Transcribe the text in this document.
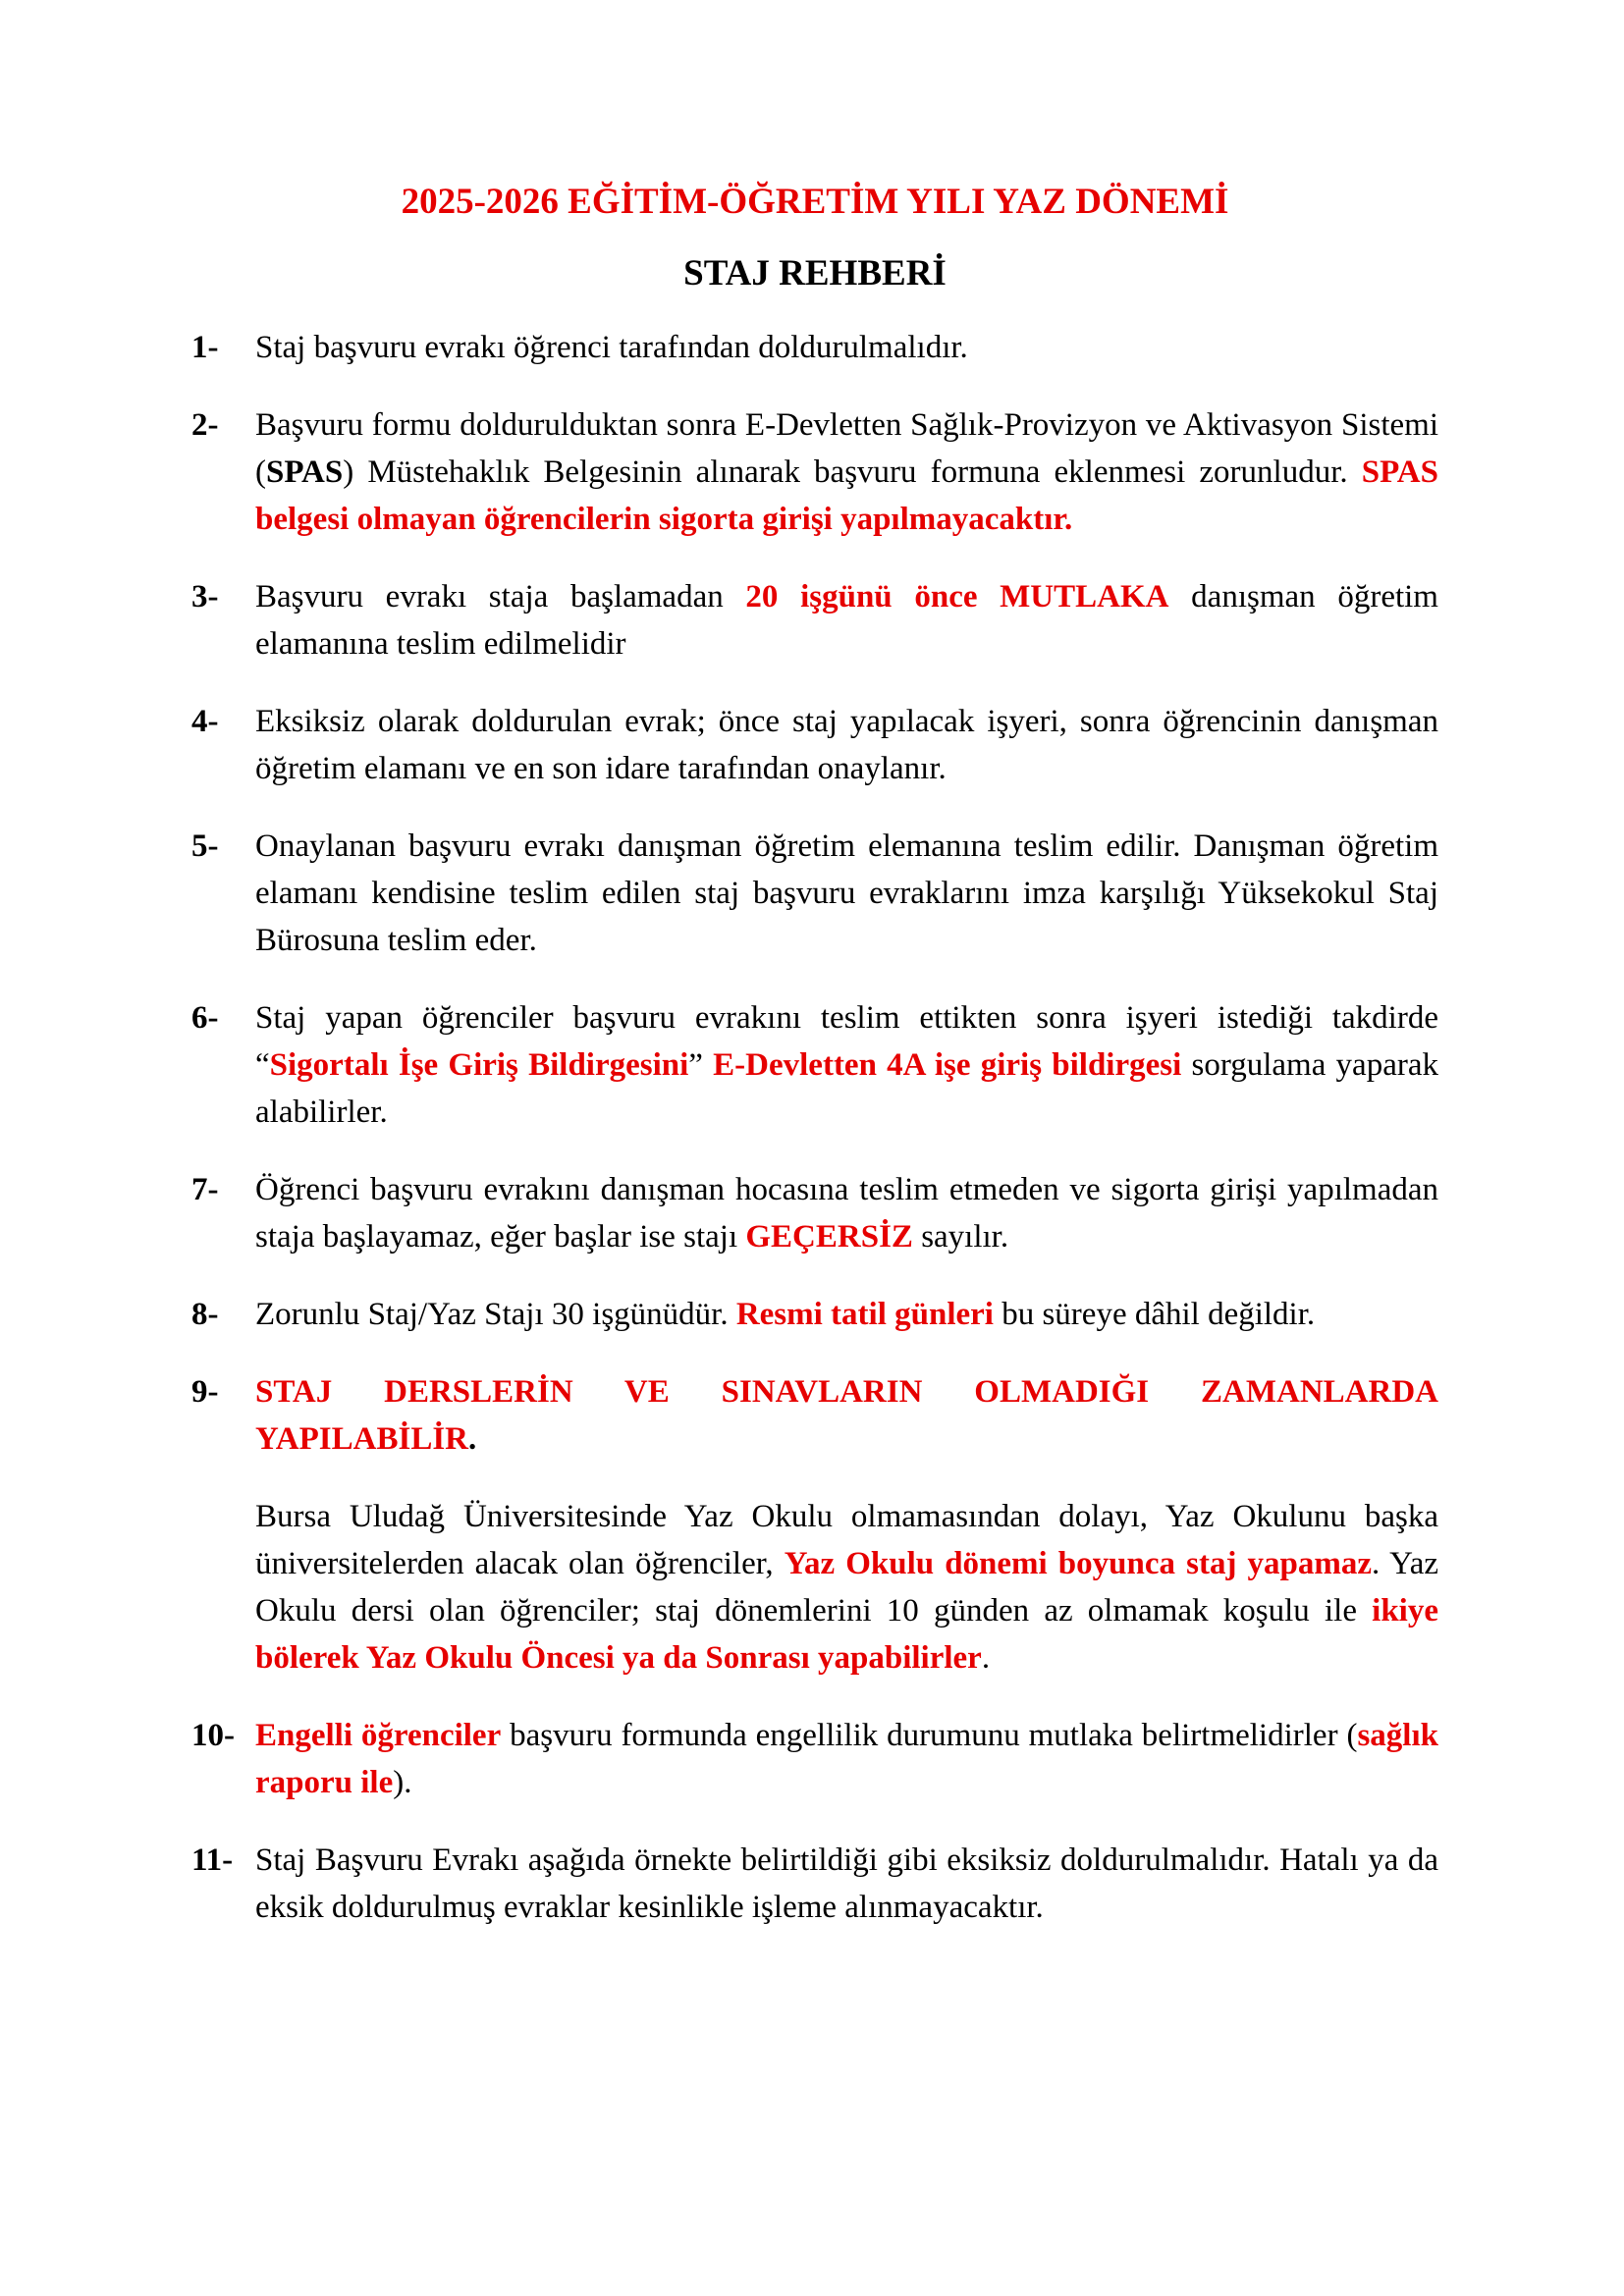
2025-2026 EĞİTİM-ÖĞRETİM YILI YAZ DÖNEMİ
STAJ REHBERİ
1- Staj başvuru evrakı öğrenci tarafından doldurulmalıdır.
2- Başvuru formu doldurulduktan sonra E-Devletten Sağlık-Provizyon ve Aktivasyon Sistemi (SPAS) Müstehaklık Belgesinin alınarak başvuru formuna eklenmesi zorunludur. SPAS belgesi olmayan öğrencilerin sigorta girişi yapılmayacaktır.
3- Başvuru evrakı staja başlamadan 20 işgünü önce MUTLAKA danışman öğretim elamanına teslim edilmelidir
4- Eksiksiz olarak doldurulan evrak; önce staj yapılacak işyeri, sonra öğrencinin danışman öğretim elamanı ve en son idare tarafından onaylanır.
5- Onaylanan başvuru evrakı danışman öğretim elemanına teslim edilir. Danışman öğretim elamanı kendisine teslim edilen staj başvuru evraklarını imza karşılığı Yüksekokul Staj Bürosuna teslim eder.
6- Staj yapan öğrenciler başvuru evrakını teslim ettikten sonra işyeri istediği takdirde “Sigortalı İşe Giriş Bildirgesini” E-Devletten 4A işe giriş bildirgesi sorgulama yaparak alabilirler.
7- Öğrenci başvuru evrakını danışman hocasına teslim etmeden ve sigorta girişi yapılmadan staja başlayamaz, eğer başlar ise stajı GEÇERSİZ sayılır.
8- Zorunlu Staj/Yaz Stajı 30 işgünüdür. Resmi tatil günleri bu süreye dâhil değildir.
9- STAJ DERSLERİN VE SINAVLARIN OLMADIĞI ZAMANLARDA YAPILABİLİR.
Bursa Uludağ Üniversitesinde Yaz Okulu olmamasından dolayı, Yaz Okulunu başka üniversitelerden alacak olan öğrenciler, Yaz Okulu dönemi boyunca staj yapamaz. Yaz Okulu dersi olan öğrenciler; staj dönemlerini 10 günden az olmamak koşulu ile ikiye bölerek Yaz Okulu Öncesi ya da Sonrası yapabilirler.
10- Engelli öğrenciler başvuru formunda engellilik durumunu mutlaka belirtmelidirler (sağlık raporu ile).
11- Staj Başvuru Evrakı aşağıda örnekte belirtildiği gibi eksiksiz doldurulmalıdır. Hatalı ya da eksik doldurulmuş evraklar kesinlikle işleme alınmayacaktır.
